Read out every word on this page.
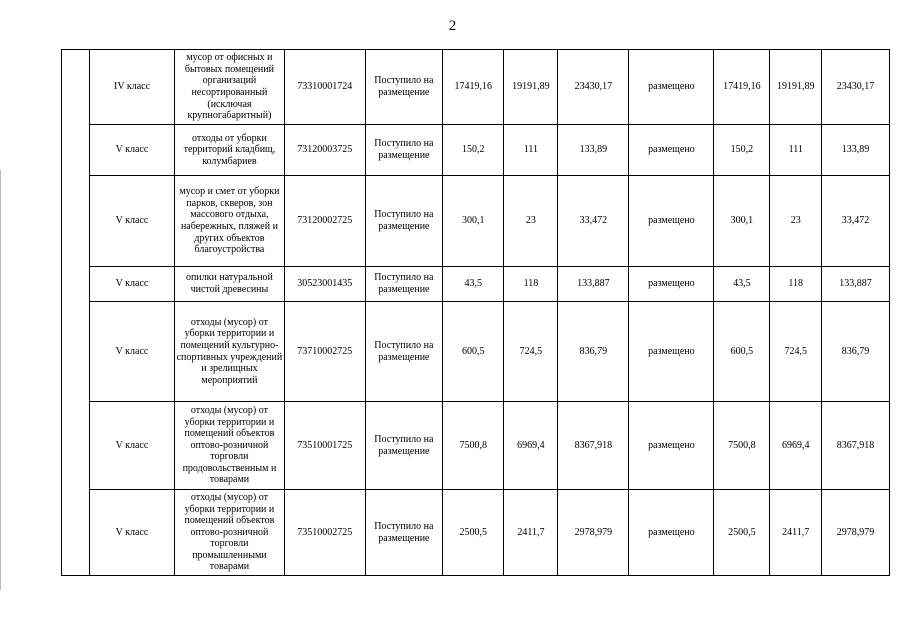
2
	IV класс	мусор от офисных и бытовых помещений организаций несортированный (исключая крупногабаритный)	73310001724	Поступило на размещение	17419,16	19191,89	23430,17	размещено	17419,16	19191,89	23430,17
	V класс	отходы от уборки территорий кладбищ, колумбариев	73120003725	Поступило на размещение	150,2	111	133,89	размещено	150,2	111	133,89
	V класс	мусор и смет от уборки парков, скверов, зон массового отдыха, набережных, пляжей и других объектов благоустройства	73120002725	Поступило на размещение	300,1	23	33,472	размещено	300,1	23	33,472
	V класс	опилки натуральной чистой древесины	30523001435	Поступило на размещение	43,5	118	133,887	размещено	43,5	118	133,887
	V класс	отходы (мусор) от уборки территории и помещений культурно-спортивных учреждений и зрелищных мероприятий	73710002725	Поступило на размещение	600,5	724,5	836,79	размещено	600,5	724,5	836,79
	V класс	отходы (мусор) от уборки территории и помещений объектов оптово-розничной торговли продовольственным и товарами	73510001725	Поступило на размещение	7500,8	6969,4	8367,918	размещено	7500,8	6969,4	8367,918
	V класс	отходы (мусор) от уборки территории и помещений объектов оптово-розничной торговли промышленными товарами	73510002725	Поступило на размещение	2500,5	2411,7	2978,979	размещено	2500,5	2411,7	2978,979
